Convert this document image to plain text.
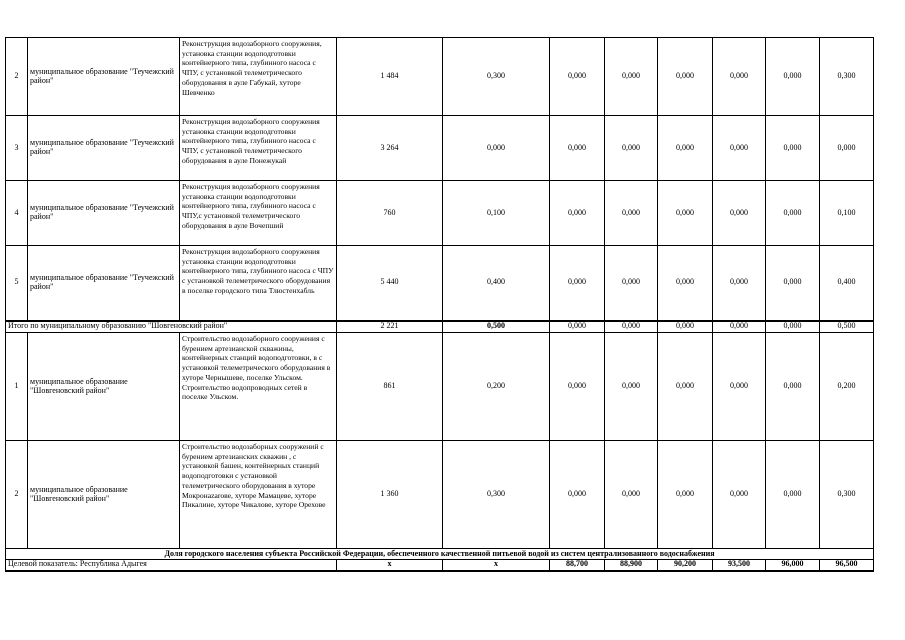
2	муниципальное образование "Теучежский район"	Реконструкция водозаборного сооружения, установка станции водоподготовки контейнерного типа, глубинного насоса с ЧПУ, с установкой телеметрического оборудования в ауле Габукай, хуторе Шевченко	1 484	0,300	0,000	0,000	0,000	0,000	0,000	0,300
3	муниципальное образование "Теучежский район"	Реконструкция водозаборного сооружения установка станции водоподготовки контейнерного типа, глубинного насоса с ЧПУ, с установкой телеметрического оборудования в ауле Понежукай	3 264	0,000	0,000	0,000	0,000	0,000	0,000	0,000
4	муниципальное образование "Теучежский район"	Реконструкция водозаборного сооружения установка станции водоподготовки контейнерного типа, глубинного насоса с ЧПУ,с установкой телеметрического оборудования в ауле Вочепший	760	0,100	0,000	0,000	0,000	0,000	0,000	0,100
5	муниципальное образование "Теучежский район"	Реконструкция водозаборного сооружения установка станции водоподготовки контейнерного типа, глубинного насоса с ЧПУ с установкой телеметрического оборудования в поселке городского типа Тлюстенхабль	5 440	0,400	0,000	0,000	0,000	0,000	0,000	0,400
Итого по муниципальному образованию "Шовгеновский район"			2 221	0,500	0,000	0,000	0,000	0,000	0,000	0,500
1	муниципальное образование "Шовгеновский район"	Строительство водозаборного сооружения с бурением артезианской скважины, контейнерных станций водоподготовки, в с установкой телеметрического оборудования в хуторе Чернышеве, поселке Ульском. Строительство водопроводных сетей в поселке Ульском.	861	0,200	0,000	0,000	0,000	0,000	0,000	0,200
2	муниципальное образование "Шовгеновский район"	Строительство водозаборных сооружений с бурением артезианских скважин , с установкой башен, контейнерных станций водоподготовки с установкой телеметрического оборудования в хуторе Мокронazarове, хуторе Мамацеве, хуторе Пикалине, хуторе Чикалове, хуторе Орехове	1 360	0,300	0,000	0,000	0,000	0,000	0,000	0,300
Доля городского населения субъекта Российской Федерации, обеспеченного качественной питьевой водой из систем централизованного водоснабжения										
Целевой показатель: Республика Адыгея			x	x	88,700	88,900	90,200	93,500	96,000	96,500
